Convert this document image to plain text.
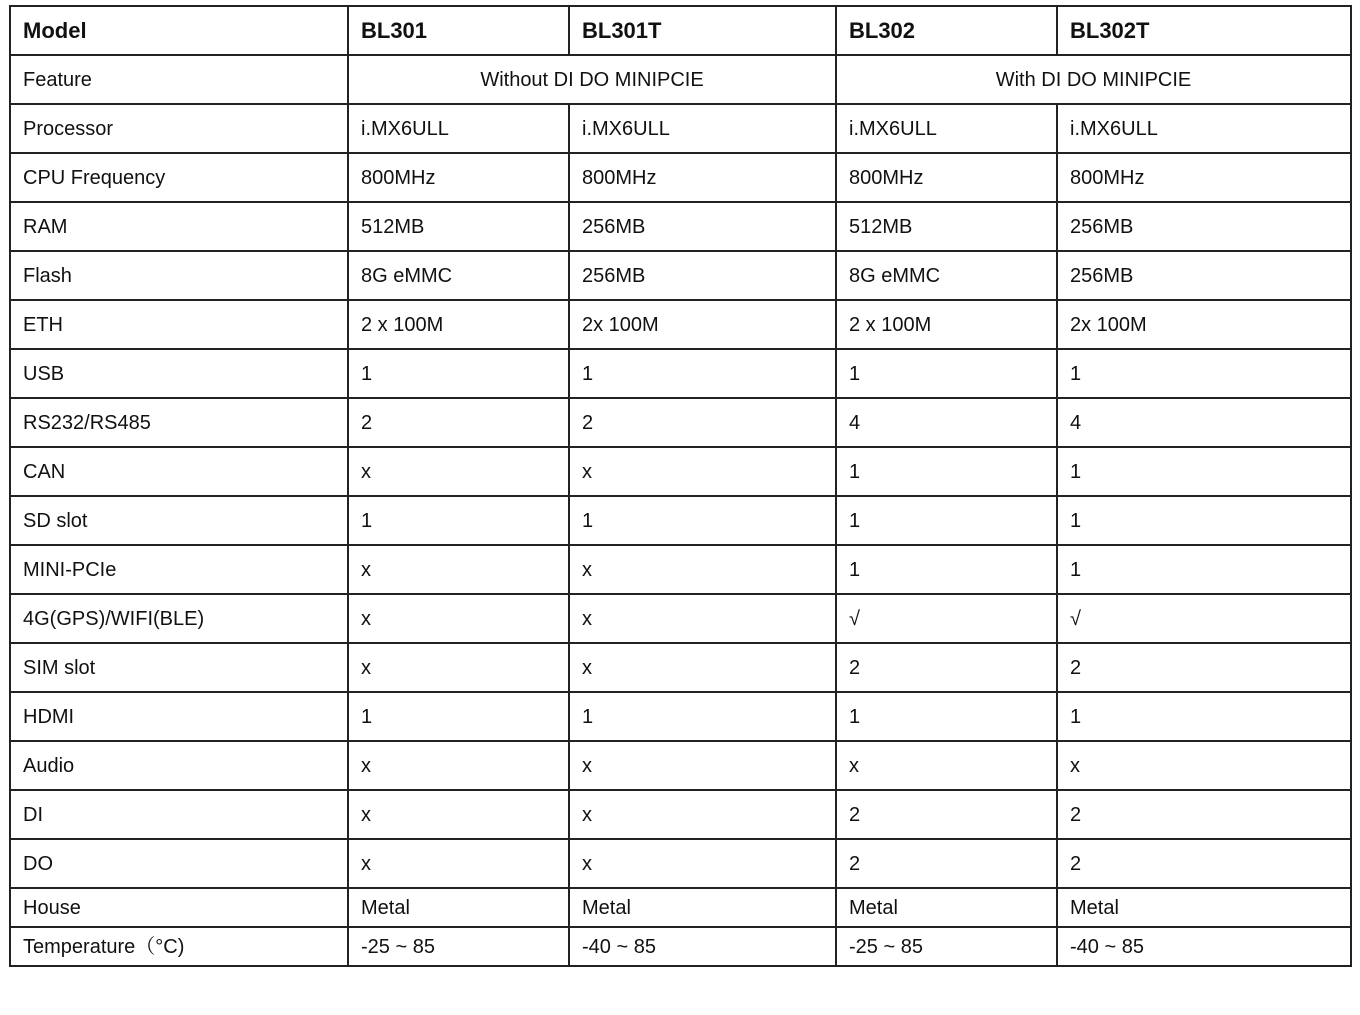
Model	BL301	BL301T	BL302	BL302T
Feature	Without DI DO MINIPCIE		With DI DO MINIPCIE	
Processor	i.MX6ULL	i.MX6ULL	i.MX6ULL	i.MX6ULL
CPU Frequency	800MHz	800MHz	800MHz	800MHz
RAM	512MB	256MB	512MB	256MB
Flash	8G eMMC	256MB	8G eMMC	256MB
ETH	2 x 100M	2x 100M	2 x 100M	2x 100M
USB	1	1	1	1
RS232/RS485	2	2	4	4
CAN	x	x	1	1
SD slot	1	1	1	1
MINI-PCIe	x	x	1	1
4G(GPS)/WIFI(BLE)	x	x	√	√
SIM slot	x	x	2	2
HDMI	1	1	1	1
Audio	x	x	x	x
DI	x	x	2	2
DO	x	x	2	2
House	Metal	Metal	Metal	Metal
Temperature（°C)	-25 ~ 85	-40 ~ 85	-25 ~ 85	-40 ~ 85
